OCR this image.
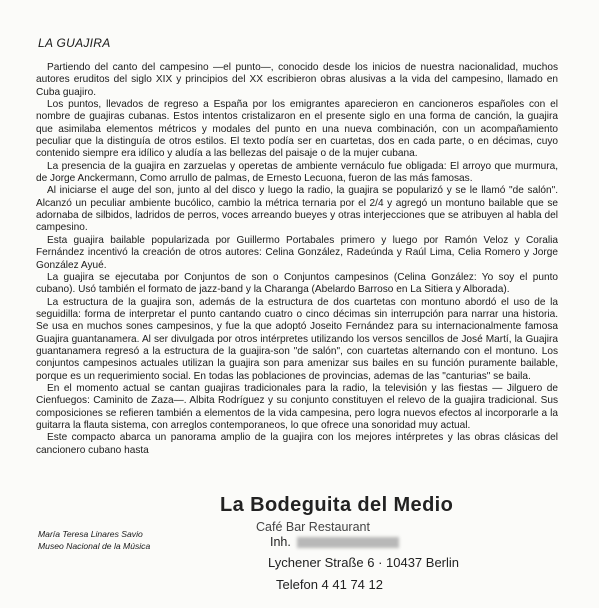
LA GUAJIRA

Partiendo del canto del campesino —el punto—, conocido desde los inicios de nuestra nacionalidad, muchos autores eruditos del siglo XIX y principios del XX escribieron obras alusivas a la vida del campesino, llamado en Cuba guajiro.

Los puntos, llevados de regreso a España por los emigrantes aparecieron en cancioneros españoles con el nombre de guajiras cubanas. Estos intentos cristalizaron en el presente siglo en una forma de canción, la guajira que asimilaba elementos métricos y modales del punto en una nueva combinación, con un acompañamiento peculiar que la distinguía de otros estilos. El texto podía ser en cuartetas, dos en cada parte, o en décimas, cuyo contenido siempre era idílico y aludía a las bellezas del paisaje o de la mujer cubana.

La presencia de la guajira en zarzuelas y operetas de ambiente vernáculo fue obligada: El arroyo que murmura, de Jorge Anckermann, Como arrullo de palmas, de Ernesto Lecuona, fueron de las más famosas.

Al iniciarse el auge del son, junto al del disco y luego la radio, la guajira se popularizó y se le llamó "de salón". Alcanzó un peculiar ambiente bucólico, cambio la métrica ternaria por el 2/4 y agregó un montuno bailable que se adornaba de silbidos, ladridos de perros, voces arreando bueyes y otras interjecciones que se atribuyen al habla del campesino.

Esta guajira bailable popularizada por Guillermo Portabales primero y luego por Ramón Veloz y Coralia Fernández incentivó la creación de otros autores: Celina González, Radeúnda y Raúl Lima, Celia Romero y Jorge González Ayué.

La guajira se ejecutaba por Conjuntos de son o Conjuntos campesinos (Celina González: Yo soy el punto cubano). Usó también el formato de jazz-band y la Charanga (Abelardo Barroso en La Sitiera y Alborada).

La estructura de la guajira son, además de la estructura de dos cuartetas con montuno abordó el uso de la seguidilla: forma de interpretar el punto cantando cuatro o cinco décimas sin interrupción para narrar una historia. Se usa en muchos sones campesinos, y fue la que adoptó Joseito Fernández para su internacionalmente famosa Guajira guantanamera. Al ser divulgada por otros intérpretes utilizando los versos sencillos de José Martí, la Guajira guantanamera regresó a la estructura de la guajira-son "de salón", con cuartetas alternando con el montuno. Los conjuntos campesinos actuales utilizan la guajira son para amenizar sus bailes en su función puramente bailable, porque es un requerimiento social. En todas las poblaciones de provincias, ademas de las "canturias" se baila.

En el momento actual se cantan guajiras tradicionales para la radio, la televisión y las fiestas — Jilguero de Cienfuegos: Caminito de Zaza—. Albita Rodríguez y su conjunto constituyen el relevo de la guajira tradicional. Sus composiciones se refieren también a elementos de la vida campesina, pero logra nuevos efectos al incorporarle a la guitarra la flauta sistema, con arreglos contemporaneos, lo que ofrece una sonoridad muy actual.

Este compacto abarca un panorama amplio de la guajira con los mejores intérpretes y las obras clásicas del cancionero cubano hasta

María Teresa Linares Savio
Museo Nacional de la Música
La Bodeguita del Medio
Café Bar Restaurant
Inh.
Lychener Straße 6 · 10437 Berlin
Telefon 4 41 74 12
